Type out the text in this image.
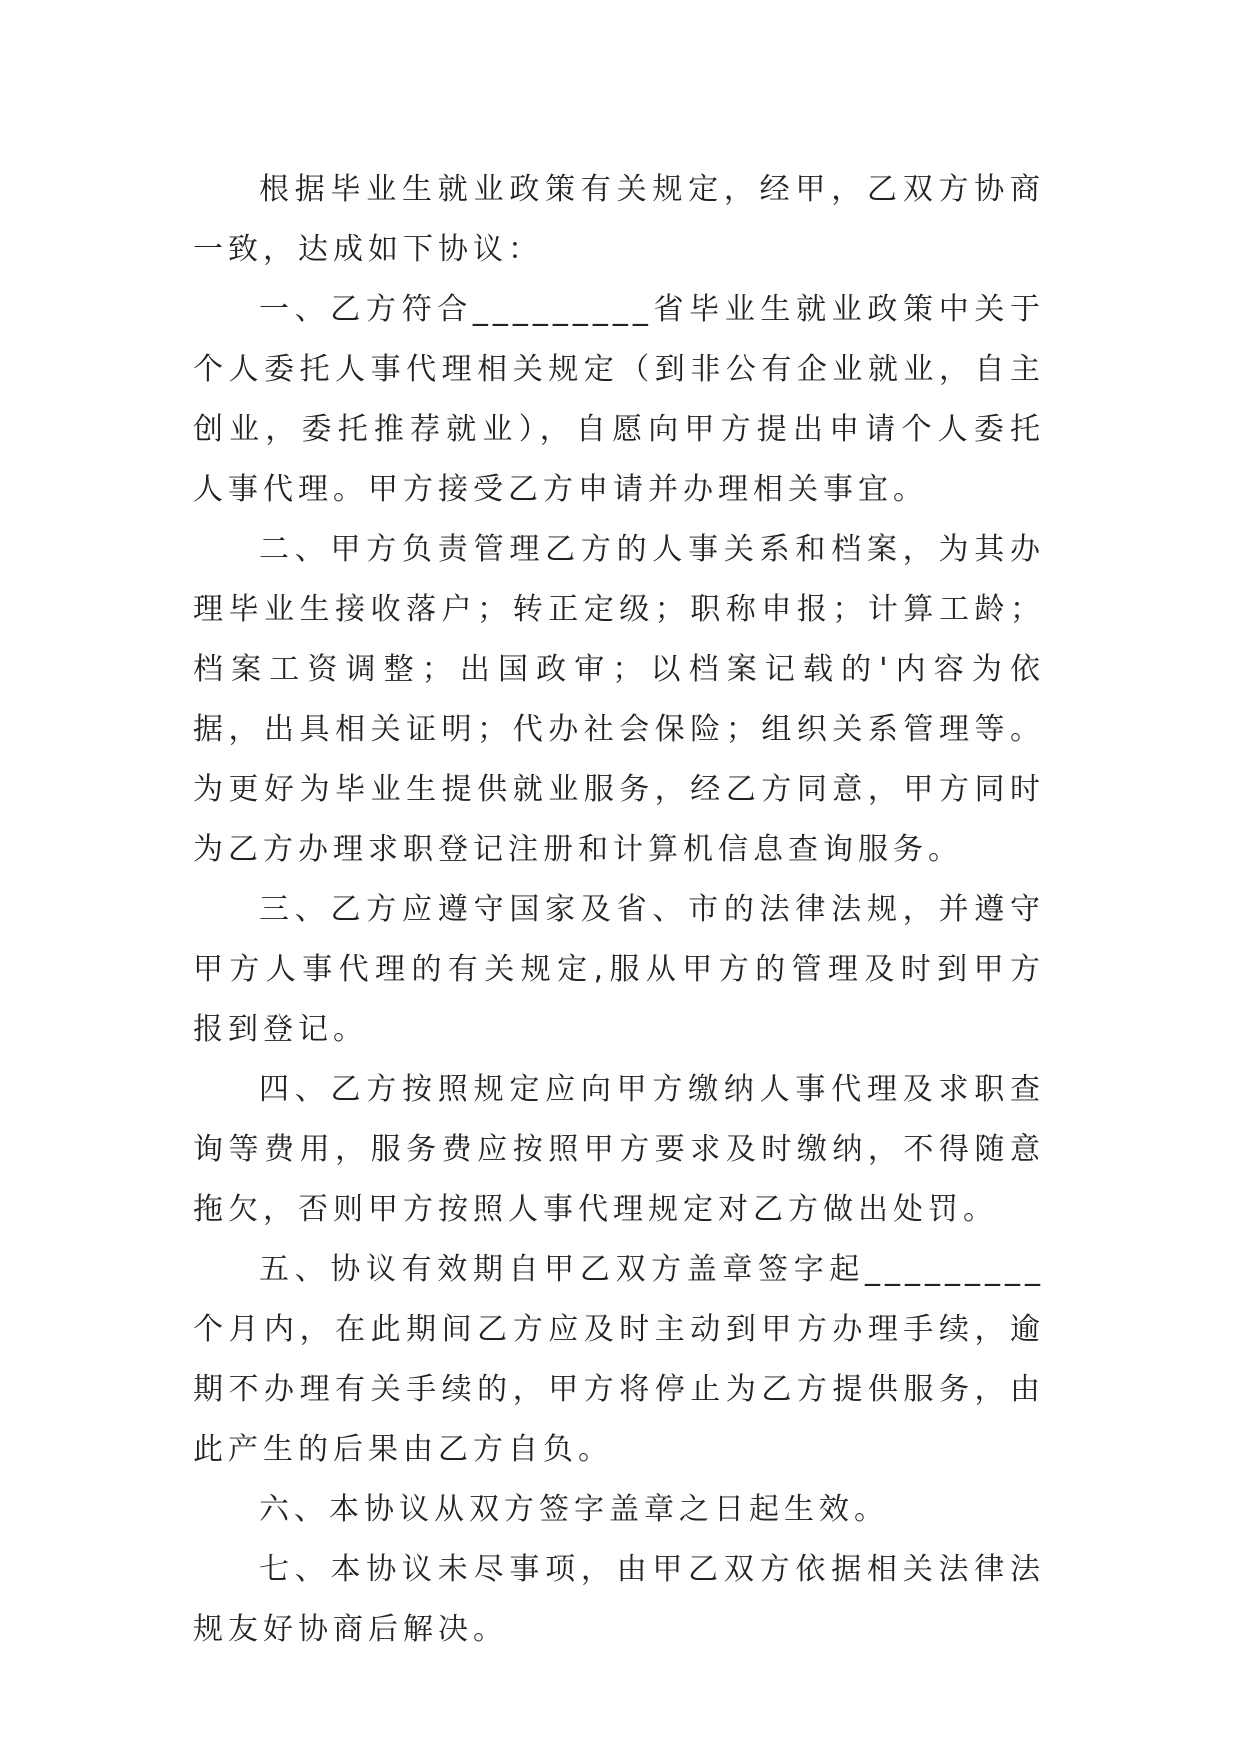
根据毕业生就业政策有关规定，经甲，乙双方协商一致，达成如下协议：

一、乙方符合_________省毕业生就业政策中关于个人委托人事代理相关规定（到非公有企业就业，自主创业，委托推荐就业），自愿向甲方提出申请个人委托人事代理。甲方接受乙方申请并办理相关事宜。

二、甲方负责管理乙方的人事关系和档案，为其办理毕业生接收落户；转正定级；职称申报；计算工龄；档案工资调整；出国政审；以档案记载的'内容为依据，出具相关证明；代办社会保险；组织关系管理等。为更好为毕业生提供就业服务，经乙方同意，甲方同时为乙方办理求职登记注册和计算机信息查询服务。

三、乙方应遵守国家及省、市的法律法规，并遵守甲方人事代理的有关规定,服从甲方的管理及时到甲方报到登记。

四、乙方按照规定应向甲方缴纳人事代理及求职查询等费用，服务费应按照甲方要求及时缴纳，不得随意拖欠，否则甲方按照人事代理规定对乙方做出处罚。

五、协议有效期自甲乙双方盖章签字起_________个月内，在此期间乙方应及时主动到甲方办理手续，逾期不办理有关手续的，甲方将停止为乙方提供服务，由此产生的后果由乙方自负。

六、本协议从双方签字盖章之日起生效。

七、本协议未尽事项，由甲乙双方依据相关法律法规友好协商后解决。
